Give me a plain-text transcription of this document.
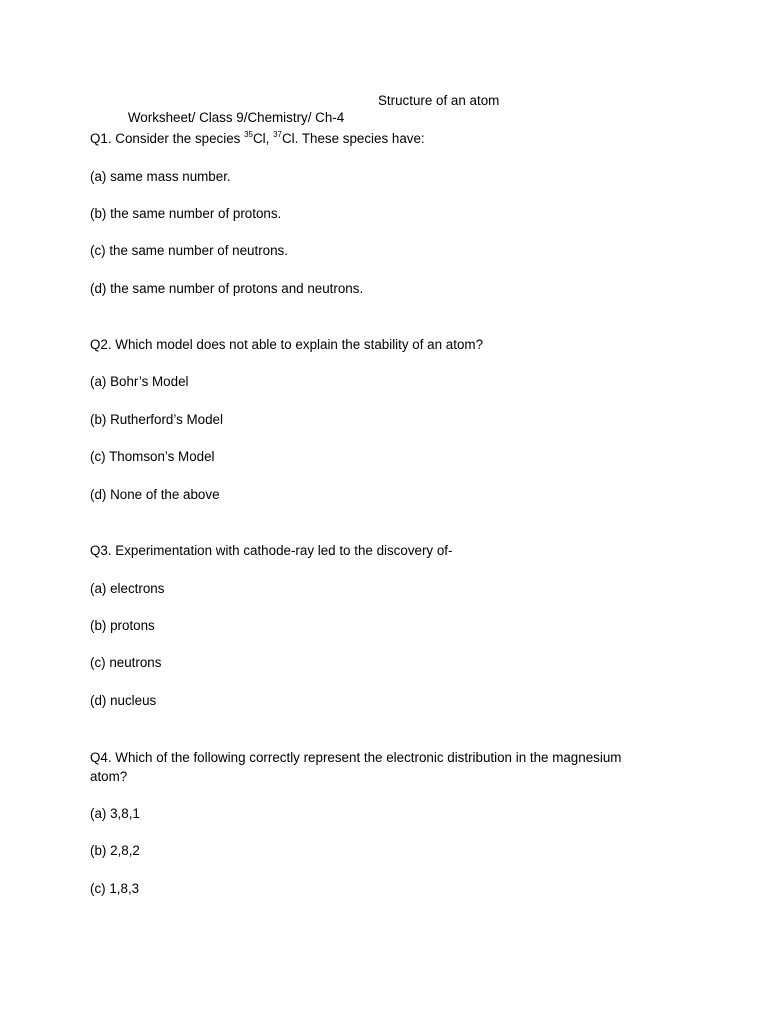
Worksheet/ Class 9/Chemistry/ Ch-4

Structure of an atom

Q1. Consider the species $^{35}$Cl, $^{37}$Cl. These species have:
(a) same mass number.
(b) the same number of protons.
(c) the same number of neutrons.
(d) the same number of protons and neutrons.
Q2. Which model does not able to explain the stability of an atom?
(a) Bohr’s Model
(b) Rutherford’s Model
(c) Thomson’s Model
(d) None of the above
Q3. Experimentation with cathode-ray led to the discovery of-
(a) electrons
(b) protons
(c) neutrons
(d) nucleus
Q4. Which of the following correctly represent the electronic distribution in the magnesium atom?
(a) 3,8,1
(b) 2,8,2
(c) 1,8,3
